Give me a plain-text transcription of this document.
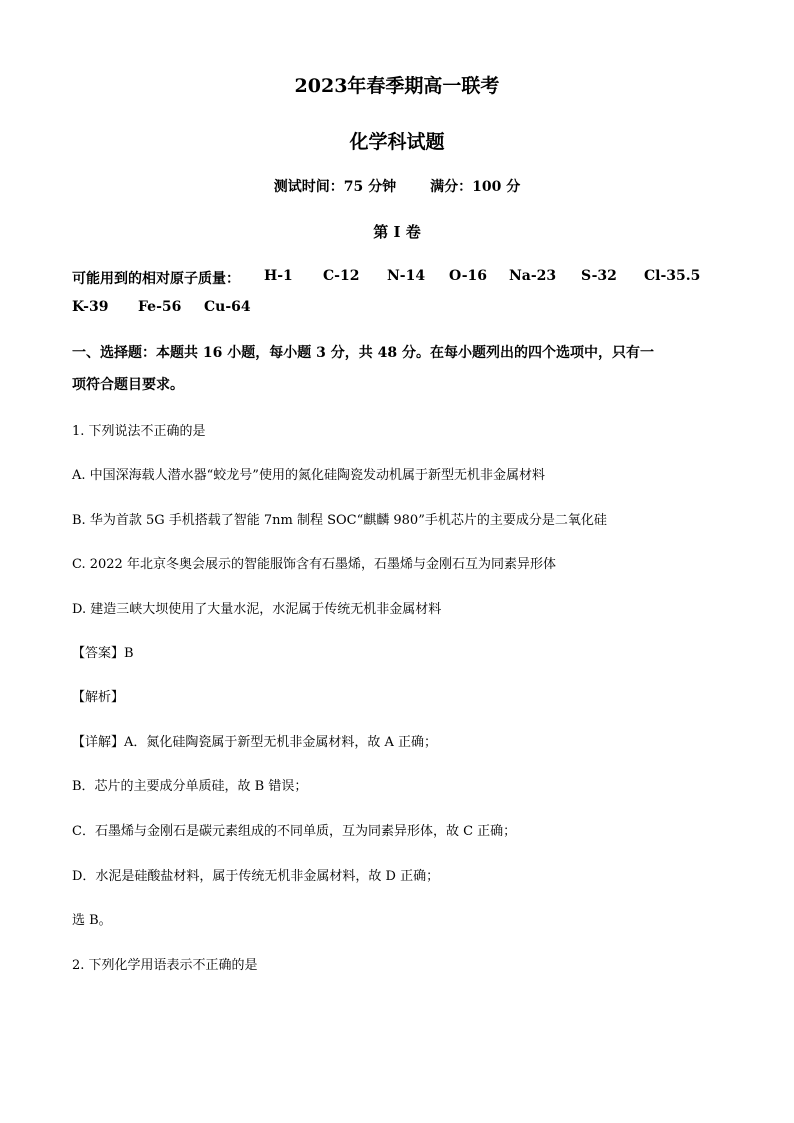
2023年春季期高一联考
化学科试题
测试时间：75 分钟 满分：100 分
第 I 卷
可能用到的相对原子质量： H-1 C-12 N-14 O-16 Na-23 S-32 Cl-35.5
K-39 Fe-56 Cu-64
一、选择题：本题共 16 小题，每小题 3 分，共 48 分。在每小题列出的四个选项中，只有一
项符合题目要求。
1. 下列说法不正确的是
A. 中国深海载人潜水器“蛟龙号”使用的氮化硅陶瓷发动机属于新型无机非金属材料
B. 华为首款 5G 手机搭载了智能 7nm 制程 SOC“麒麟 980”手机芯片的主要成分是二氧化硅
C. 2022 年北京冬奥会展示的智能服饰含有石墨烯，石墨烯与金刚石互为同素异形体
D. 建造三峡大坝使用了大量水泥，水泥属于传统无机非金属材料
【答案】B
【解析】
【详解】A．氮化硅陶瓷属于新型无机非金属材料，故 A 正确；
B．芯片的主要成分单质硅，故 B 错误；
C．石墨烯与金刚石是碳元素组成的不同单质，互为同素异形体，故 C 正确；
D．水泥是硅酸盐材料，属于传统无机非金属材料，故 D 正确；
选 B。
2. 下列化学用语表示不正确的是
